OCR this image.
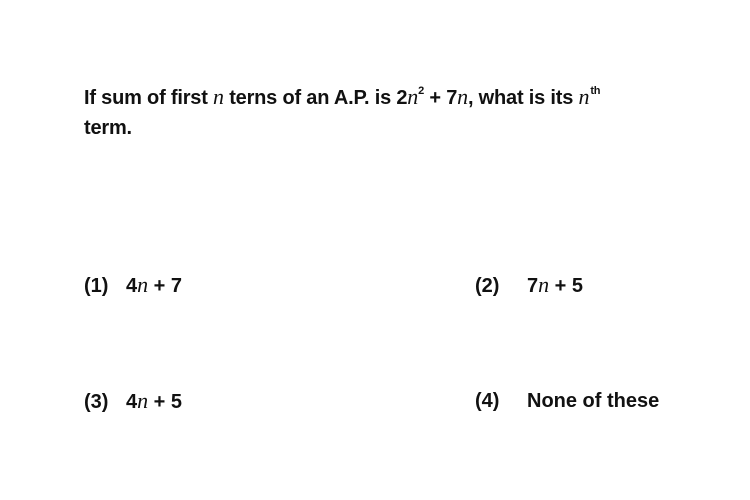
If sum of first n terns of an A.P. is $2n^2 + 7n$, what is its $n^{th}$
term.
(1) 4n + 7	(2) 7n + 5
(3) 4n + 5	(4) None of these
